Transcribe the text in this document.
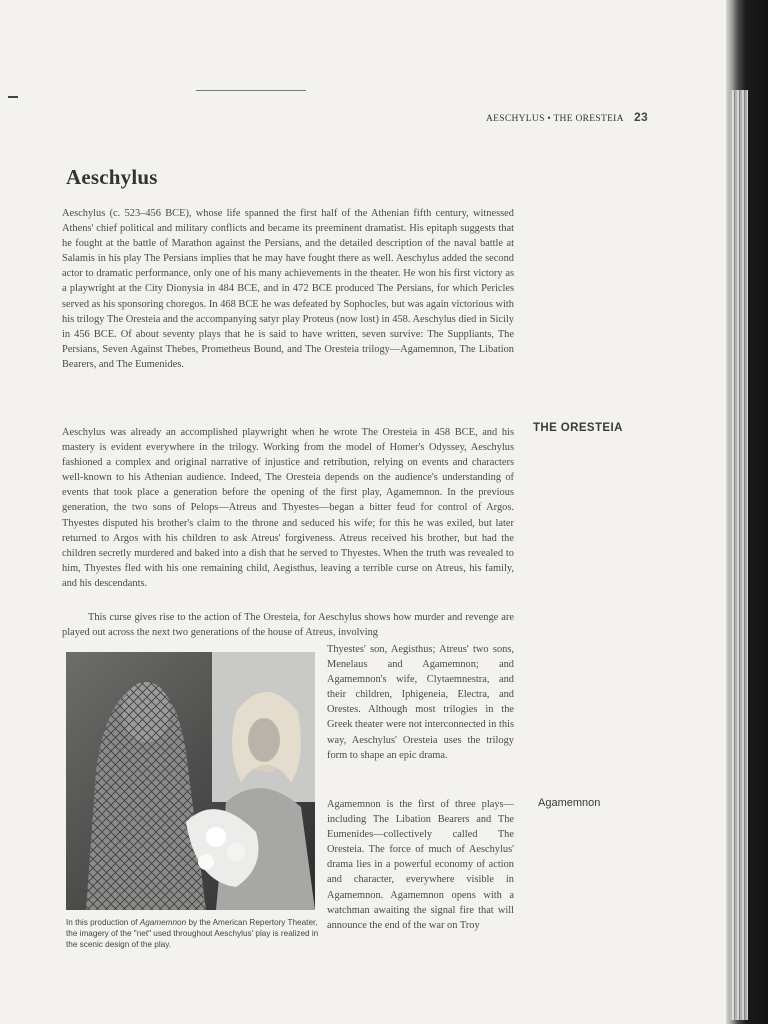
AESCHYLUS • THE ORESTEIA 23
Aeschylus
Aeschylus (c. 523–456 BCE), whose life spanned the first half of the Athenian fifth century, witnessed Athens' chief political and military conflicts and became its preeminent dramatist. His epitaph suggests that he fought at the battle of Marathon against the Persians, and the detailed description of the naval battle at Salamis in his play The Persians implies that he may have fought there as well. Aeschylus added the second actor to dramatic performance, only one of his many achievements in the theater. He won his first victory as a playwright at the City Dionysia in 484 BCE, and in 472 BCE produced The Persians, for which Pericles served as his sponsoring choregos. In 468 BCE he was defeated by Sophocles, but was again victorious with his trilogy The Oresteia and the accompanying satyr play Proteus (now lost) in 458. Aeschylus died in Sicily in 456 BCE. Of about seventy plays that he is said to have written, seven survive: The Suppliants, The Persians, Seven Against Thebes, Prometheus Bound, and The Oresteia trilogy—Agamemnon, The Libation Bearers, and The Eumenides.
THE ORESTEIA
Aeschylus was already an accomplished playwright when he wrote The Oresteia in 458 BCE, and his mastery is evident everywhere in the trilogy. Working from the model of Homer's Odyssey, Aeschylus fashioned a complex and original narrative of injustice and retribution, relying on events and characters well-known to his Athenian audience. Indeed, The Oresteia depends on the audience's understanding of events that took place a generation before the opening of the first play, Agamemnon. In the previous generation, the two sons of Pelops—Atreus and Thyestes—began a bitter feud for control of Argos. Thyestes disputed his brother's claim to the throne and seduced his wife; for this he was exiled, but later returned to Argos with his children to ask Atreus' forgiveness. Atreus received his brother, but had the children secretly murdered and baked into a dish that he served to Thyestes. When the truth was revealed to him, Thyestes fled with his one remaining child, Aegisthus, leaving a terrible curse on Atreus, his family, and his descendants.
This curse gives rise to the action of The Oresteia, for Aeschylus shows how murder and revenge are played out across the next two generations of the house of Atreus, involving
Thyestes' son, Aegisthus; Atreus' two sons, Menelaus and Agamemnon; and Agamemnon's wife, Clytaemnestra, and their children, Iphigeneia, Electra, and Orestes. Although most trilogies in the Greek theater were not interconnected in this way, Aeschylus' Oresteia uses the trilogy form to shape an epic drama.
Agamemnon
Agamemnon is the first of three plays—including The Libation Bearers and The Eumenides—collectively called The Oresteia. The force of much of Aeschylus' drama lies in a powerful economy of action and character, everywhere visible in Agamemnon. Agamemnon opens with a watchman awaiting the signal fire that will announce the end of the war on Troy
In this production of Agamemnon by the American Repertory Theater, the imagery of the "net" used throughout Aeschylus' play is realized in the scenic design of the play.
